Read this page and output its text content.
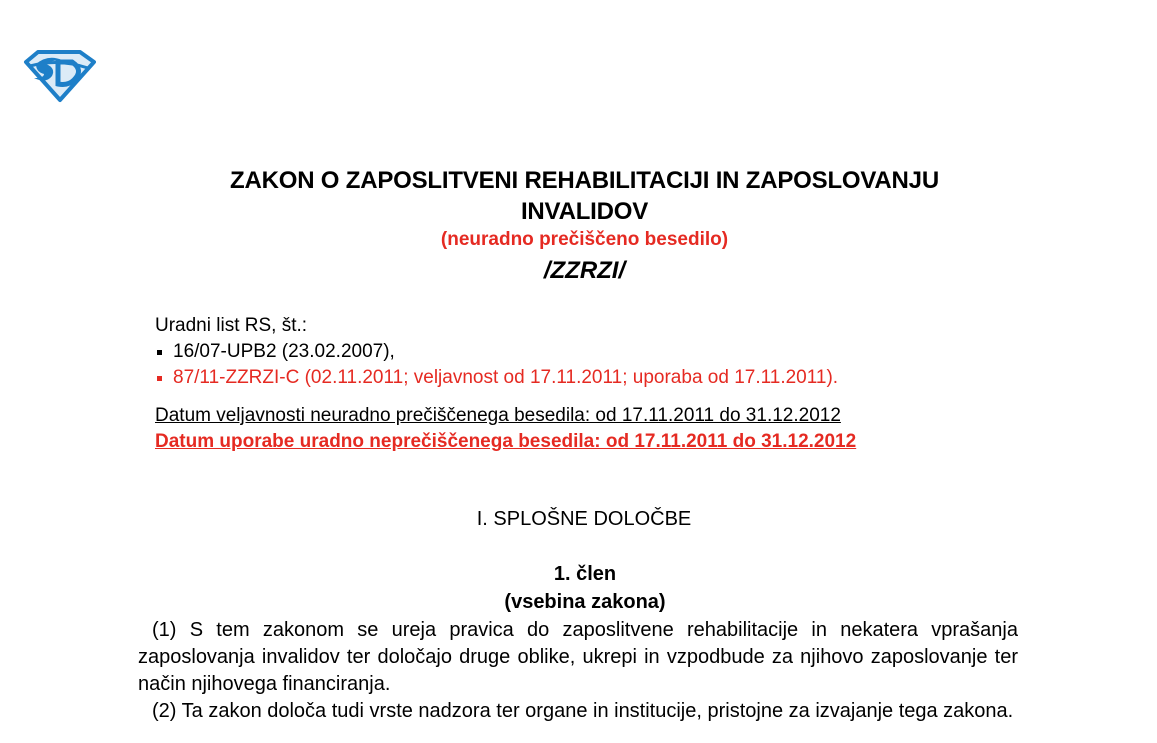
ZAKON O ZAPOSLITVENI REHABILITACIJI IN ZAPOSLOVANJU
INVALIDOV
(neuradno prečiščeno besedilo)
/ZZRZI/
Uradni list RS, št.:
16/07-UPB2 (23.02.2007),
87/11-ZZRZI-C (02.11.2011; veljavnost od 17.11.2011; uporaba od 17.11.2011).
Datum veljavnosti neuradno prečiščenega besedila: od 17.11.2011 do 31.12.2012
Datum uporabe uradno neprečiščenega besedila: od 17.11.2011 do 31.12.2012
I. SPLOŠNE DOLOČBE
1. člen
(vsebina zakona)

(1) S tem zakonom se ureja pravica do zaposlitvene rehabilitacije in nekatera vprašanja zaposlovanja invalidov ter določajo druge oblike, ukrepi in vzpodbude za njihovo zaposlovanje ter način njihovega financiranja.

(2) Ta zakon določa tudi vrste nadzora ter organe in institucije, pristojne za izvajanje tega zakona.
